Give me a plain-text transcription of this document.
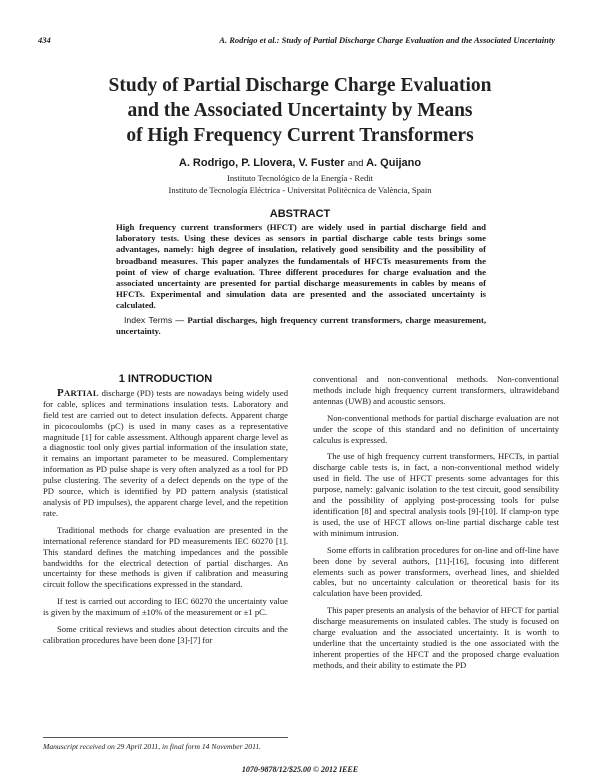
434	A. Rodrigo et al.: Study of Partial Discharge Charge Evaluation and the Associated Uncertainty
Study of Partial Discharge Charge Evaluation
and the Associated Uncertainty by Means
of High Frequency Current Transformers
A. Rodrigo, P. Llovera, V. Fuster and A. Quijano
Instituto Tecnológico de la Energía - Redit
Instituto de Tecnología Eléctrica - Universitat Politècnica de València, Spain
ABSTRACT

High frequency current transformers (HFCT) are widely used in partial discharge field and laboratory tests. Using these devices as sensors in partial discharge cable tests brings some advantages, namely: high degree of insulation, relatively good sensibility and the possibility of broadband measures. This paper analyzes the fundamentals of HFCTs measurements from the point of view of charge evaluation. Three different procedures for charge evaluation and the associated uncertainty are presented for partial discharge measurements in cables by means of HFCTs. Experimental and simulation data are presented and the associated uncertainty is calculated.

Index Terms — Partial discharges, high frequency current transformers, charge measurement, uncertainty.

1 INTRODUCTION

PARTIAL discharge (PD) tests are nowadays being widely used for cable, splices and terminations insulation tests. Laboratory and field test are carried out to detect insulation defects. Apparent charge in picocoulombs (pC) is used in many cases as a representative magnitude [1] for cable assessment. Although apparent charge level as a diagnostic tool only gives partial information of the insulation state, it remains an important parameter to be measured. Complementary information as PD pulse shape is very often analyzed as a tool for PD pulse clustering. The severity of a defect depends on the type of the PD source, which is identified by PD pattern analysis (statistical analysis of PD impulses), the apparent charge level, and the repetition rate.

Traditional methods for charge evaluation are presented in the international reference standard for PD measurements IEC 60270 [1]. This standard defines the matching impedances and the possible bandwidths for the electrical detection of partial discharges. An uncertainty for these methods is given if calibration and measuring circuit follow the specifications expressed in the standard.

If test is carried out according to IEC 60270 the uncertainty value is given by the maximum of ±10% of the measurement or ±1 pC.

Some critical reviews and studies about detection circuits and the calibration procedures have been done [3]-[7] for

conventional and non-conventional methods. Non-conventional methods include high frequency current transformers, ultrawideband antennas (UWB) and acoustic sensors.

Non-conventional methods for partial discharge evaluation are not under the scope of this standard and no definition of uncertainty calculus is expressed.

The use of high frequency current transformers, HFCTs, in partial discharge cable tests is, in fact, a non-conventional method widely used in field. The use of HFCT presents some advantages for this purpose, namely: galvanic isolation to the test circuit, good sensibility and the possibility of applying post-processing tools for pulse identification [8] and spectral analysis tools [9]-[10]. If clamp-on type is used, the use of HFCT allows on-line partial discharge cable test with minimum intrusion.

Some efforts in calibration procedures for on-line and off-line have been done by several authors, [11]-[16], focusing into different elements such as power transformers, overhead lines, and shielded cables, but no uncertainty calculation or theoretical basis for its calculation have been provided.

This paper presents an analysis of the behavior of HFCT for partial discharge measurements on insulated cables. The study is focused on charge evaluation and the associated uncertainty. It is worth to underline that the uncertainty studied is the one associated with the inherent properties of the HFCT and the proposed charge evaluation methods, and their ability to estimate the PD

Manuscript received on 29 April 2011, in final form 14 November 2011.
1070-9878/12/$25.00 © 2012 IEEE
